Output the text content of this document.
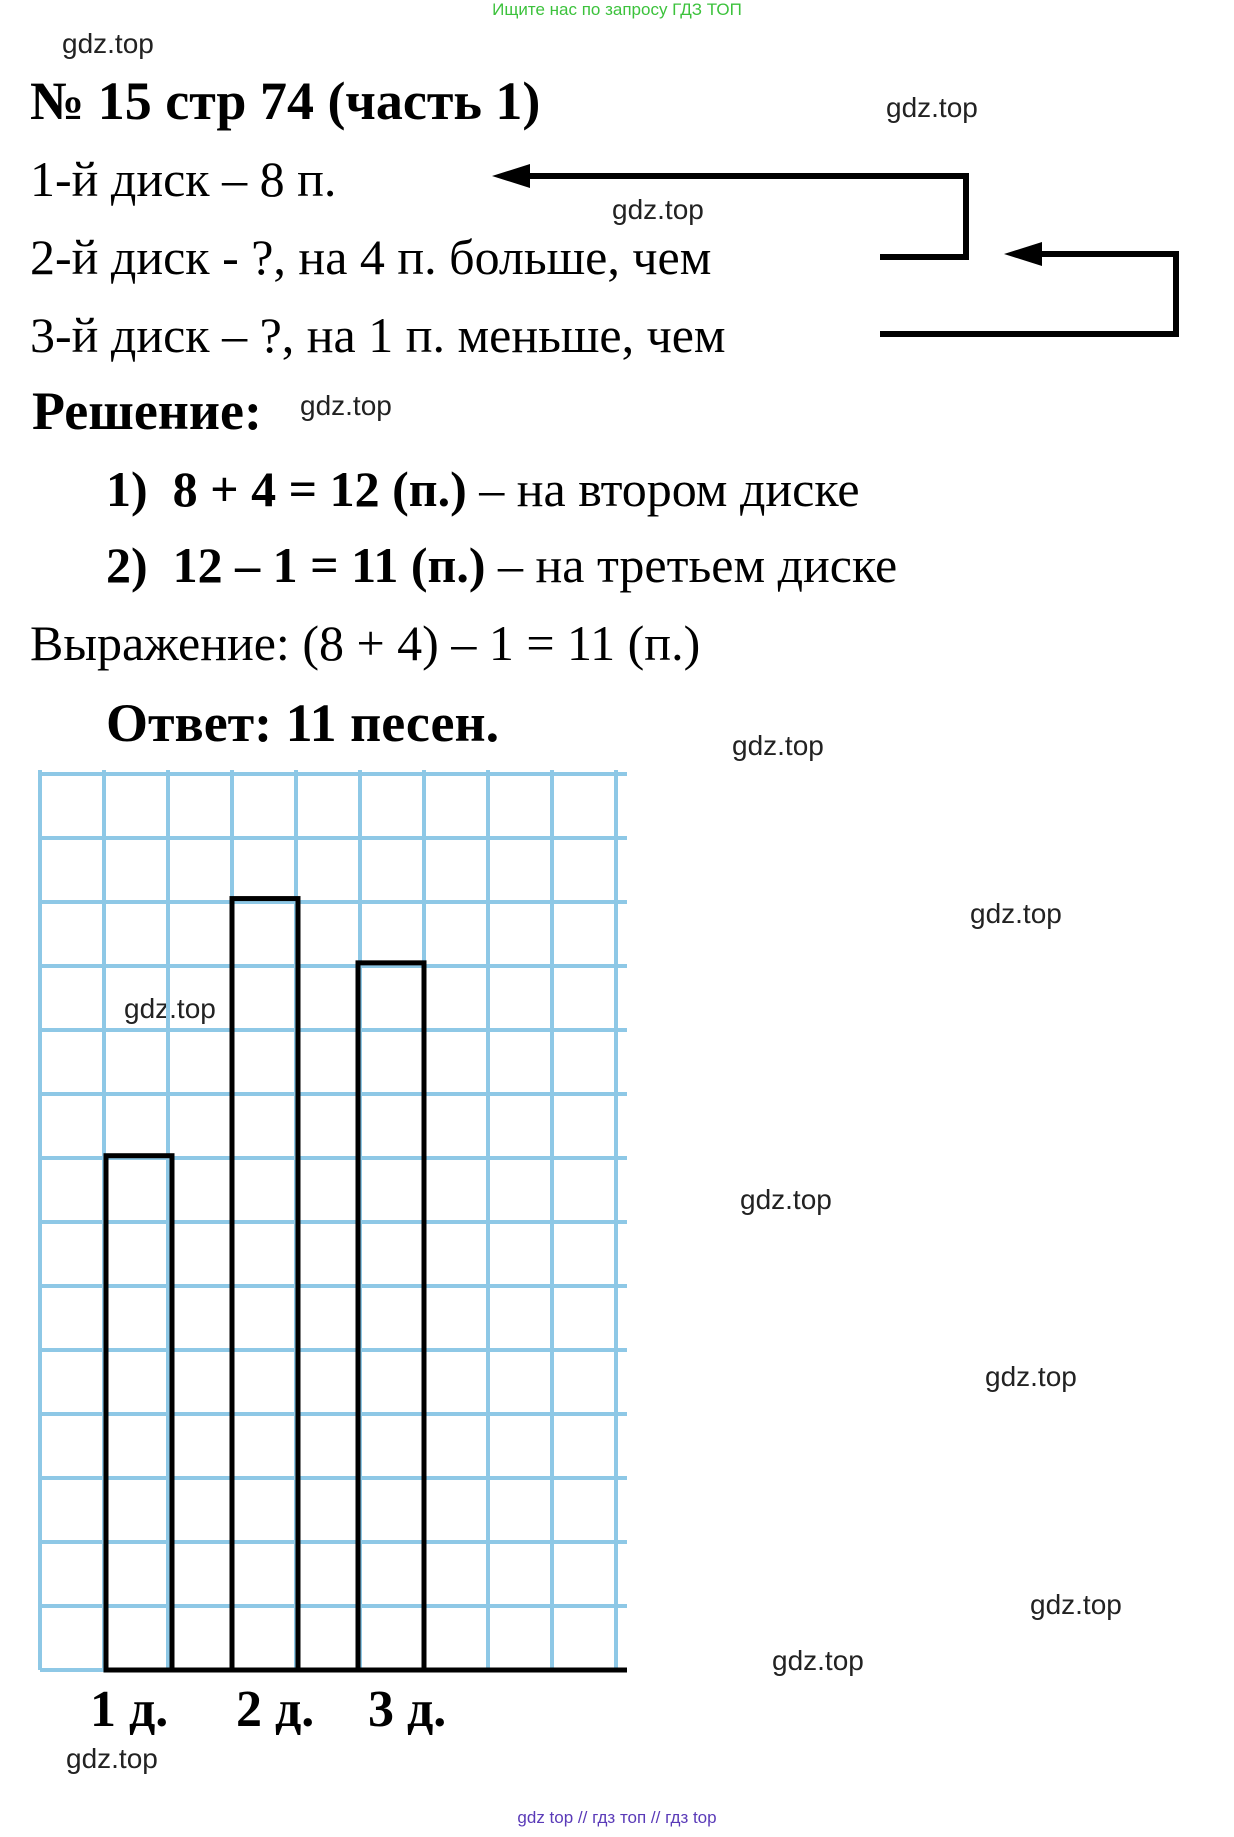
Ищите нас по запросу ГДЗ ТОП
gdz.top
gdz.top
gdz.top
gdz.top
gdz.top
gdz.top
gdz.top
gdz.top
gdz.top
gdz.top
gdz.top
gdz.top
№ 15 стр 74 (часть 1)
1-й диск – 8 п.
2-й диск - ?, на 4 п. больше, чем
3-й диск – ?, на 1 п. меньше, чем
Решение:
1) 8 + 4 = 12 (п.) – на втором диске
2) 12 – 1 = 11 (п.) – на третьем диске
Выражение: (8 + 4) – 1 = 11 (п.)
Ответ: 11 песен.
1 д. 2 д. 3 д.
gdz top // гдз топ // гдз top
